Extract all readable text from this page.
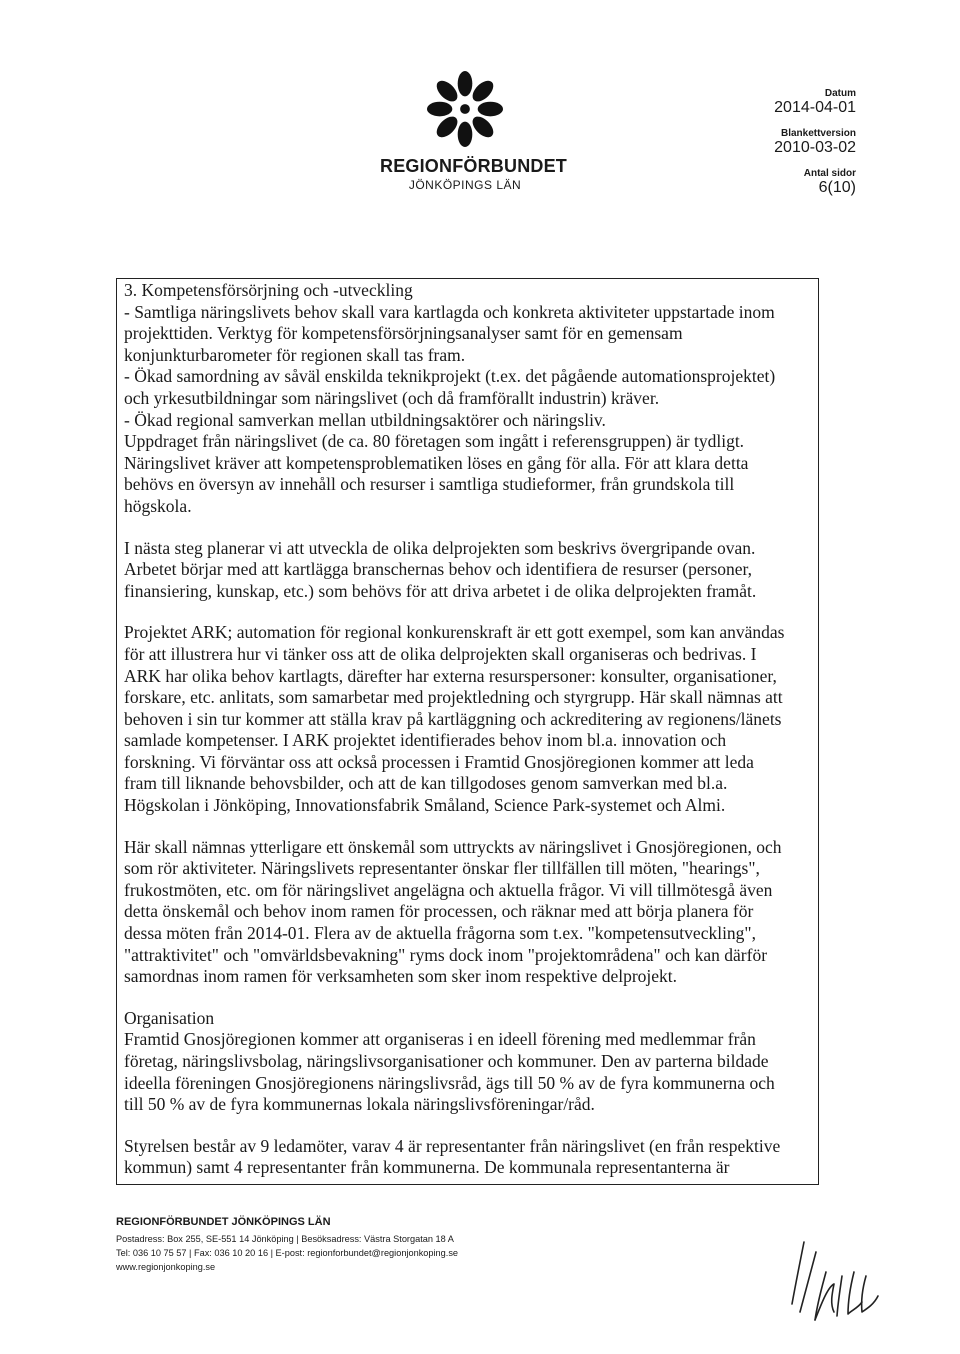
REGIONFÖRBUNDET
JÖNKÖPINGS LÄN
Datum
2014-04-01
Blankettversion
2010-03-02
Antal sidor
6(10)

3. Kompetensförsörjning och -utveckling

- Samtliga näringslivets behov skall vara kartlagda och konkreta aktiviteter uppstartade inom

projekttiden. Verktyg för kompetensförsörjningsanalyser samt för en gemensam

konjunkturbarometer för regionen skall tas fram.

- Ökad samordning av såväl enskilda teknikprojekt (t.ex. det pågående automationsprojektet)

och yrkesutbildningar som näringslivet (och då framförallt industrin) kräver.

- Ökad regional samverkan mellan utbildningsaktörer och näringsliv.

Uppdraget från näringslivet (de ca. 80 företagen som ingått i referensgruppen) är tydligt.

Näringslivet kräver att kompetensproblematiken löses en gång för alla. För att klara detta

behövs en översyn av innehåll och resurser i samtliga studieformer, från grundskola till

högskola.

I nästa steg planerar vi att utveckla de olika delprojekten som beskrivs övergripande ovan.

Arbetet börjar med att kartlägga branschernas behov och identifiera de resurser (personer,

finansiering, kunskap, etc.) som behövs för att driva arbetet i de olika delprojekten framåt.

Projektet ARK; automation för regional konkurenskraft är ett gott exempel, som kan användas

för att illustrera hur vi tänker oss att de olika delprojekten skall organiseras och bedrivas. I

ARK har olika behov kartlagts, därefter har externa resurspersoner: konsulter, organisationer,

forskare, etc. anlitats, som samarbetar med projektledning och styrgrupp. Här skall nämnas att

behoven i sin tur kommer att ställa krav på kartläggning och ackreditering av regionens/länets

samlade kompetenser. I ARK projektet identifierades behov inom bl.a. innovation och

forskning. Vi förväntar oss att också processen i Framtid Gnosjöregionen kommer att leda

fram till liknande behovsbilder, och att de kan tillgodoses genom samverkan med bl.a.

Högskolan i Jönköping, Innovationsfabrik Småland, Science Park-systemet och Almi.

Här skall nämnas ytterligare ett önskemål som uttryckts av näringslivet i Gnosjöregionen, och

som rör aktiviteter. Näringslivets representanter önskar fler tillfällen till möten, "hearings",

frukostmöten, etc. om för näringslivet angelägna och aktuella frågor. Vi vill tillmötesgå även

detta önskemål och behov inom ramen för processen, och räknar med att börja planera för

dessa möten från 2014-01. Flera av de aktuella frågorna som t.ex. "kompetensutveckling",

"attraktivitet" och "omvärldsbevakning" ryms dock inom "projektområdena" och kan därför

samordnas inom ramen för verksamheten som sker inom respektive delprojekt.

Organisation

Framtid Gnosjöregionen kommer att organiseras i en ideell förening med medlemmar från

företag, näringslivsbolag, näringslivsorganisationer och kommuner. Den av parterna bildade

ideella föreningen Gnosjöregionens näringslivsråd, ägs till 50 % av de fyra kommunerna och

till 50 % av de fyra kommunernas lokala näringslivsföreningar/råd.

Styrelsen består av 9 ledamöter, varav 4 är representanter från näringslivet (en från respektive

kommun) samt 4 representanter från kommunerna. De kommunala representanterna är

REGIONFÖRBUNDET JÖNKÖPINGS LÄN
Postadress: Box 255, SE-551 14 Jönköping | Besöksadress: Västra Storgatan 18 A
Tel: 036 10 75 57 | Fax: 036 10 20 16 | E-post: regionforbundet@regionjonkoping.se
www.regionjonkoping.se
